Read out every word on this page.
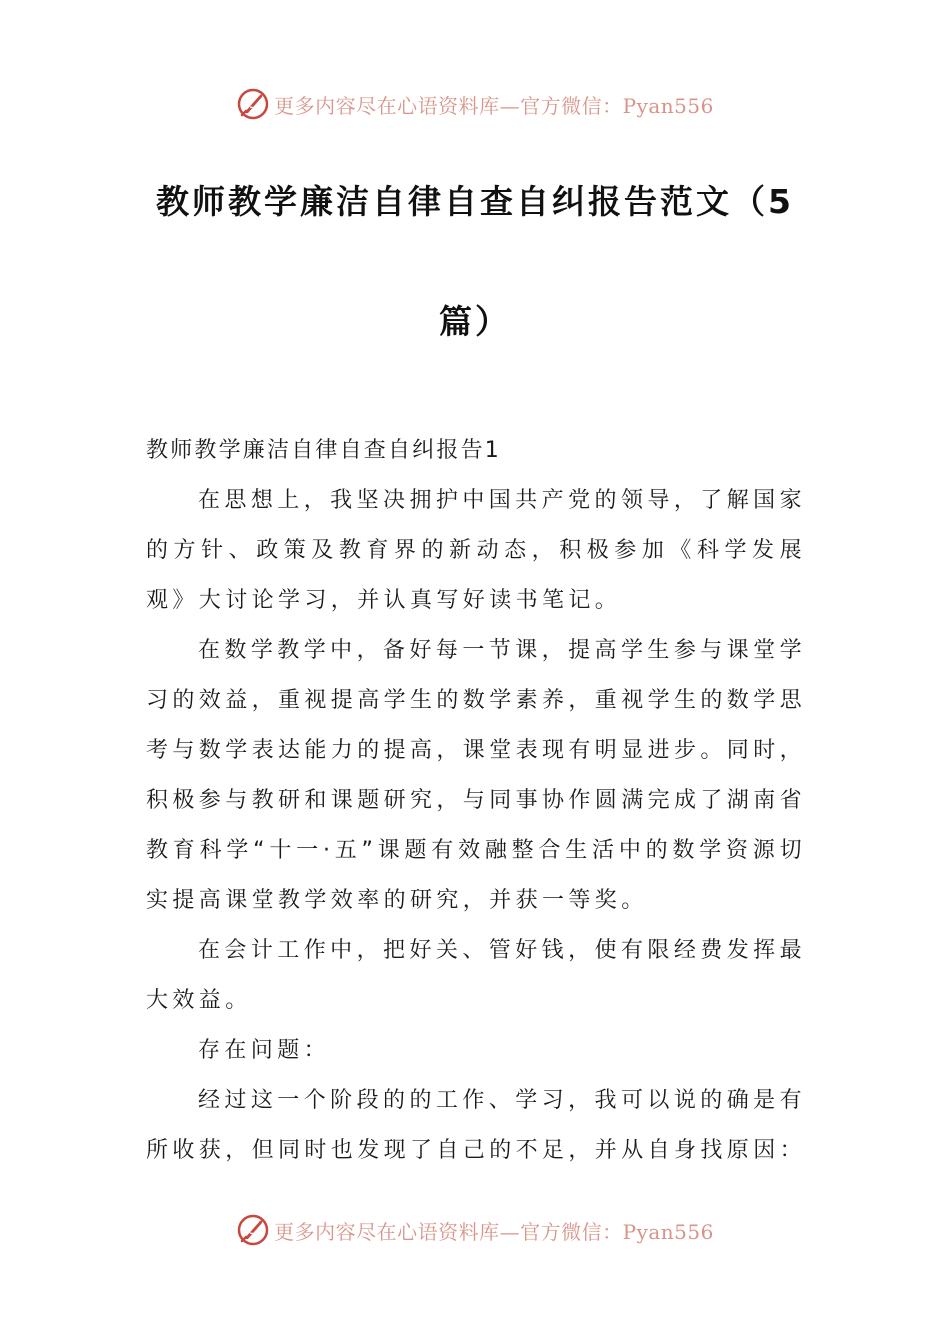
更多内容尽在心语资料库—官方微信：Pyan556
教师教学廉洁自律自查自纠报告范文（5
篇）

教师教学廉洁自律自查自纠报告1

在思想上，我坚决拥护中国共产党的领导，了解国家的方针、政策及教育界的新动态，积极参加《科学发展观》大讨论学习，并认真写好读书笔记。

在数学教学中，备好每一节课，提高学生参与课堂学习的效益，重视提高学生的数学素养，重视学生的数学思考与数学表达能力的提高，课堂表现有明显进步。同时，积极参与教研和课题研究，与同事协作圆满完成了湖南省教育科学“十一·五”课题有效融整合生活中的数学资源切实提高课堂教学效率的研究，并获一等奖。

在会计工作中，把好关、管好钱，使有限经费发挥最大效益。

存在问题：

经过这一个阶段的的工作、学习，我可以说的确是有所收获，但同时也发现了自己的不足，并从自身找原因：

更多内容尽在心语资料库—官方微信：Pyan556
